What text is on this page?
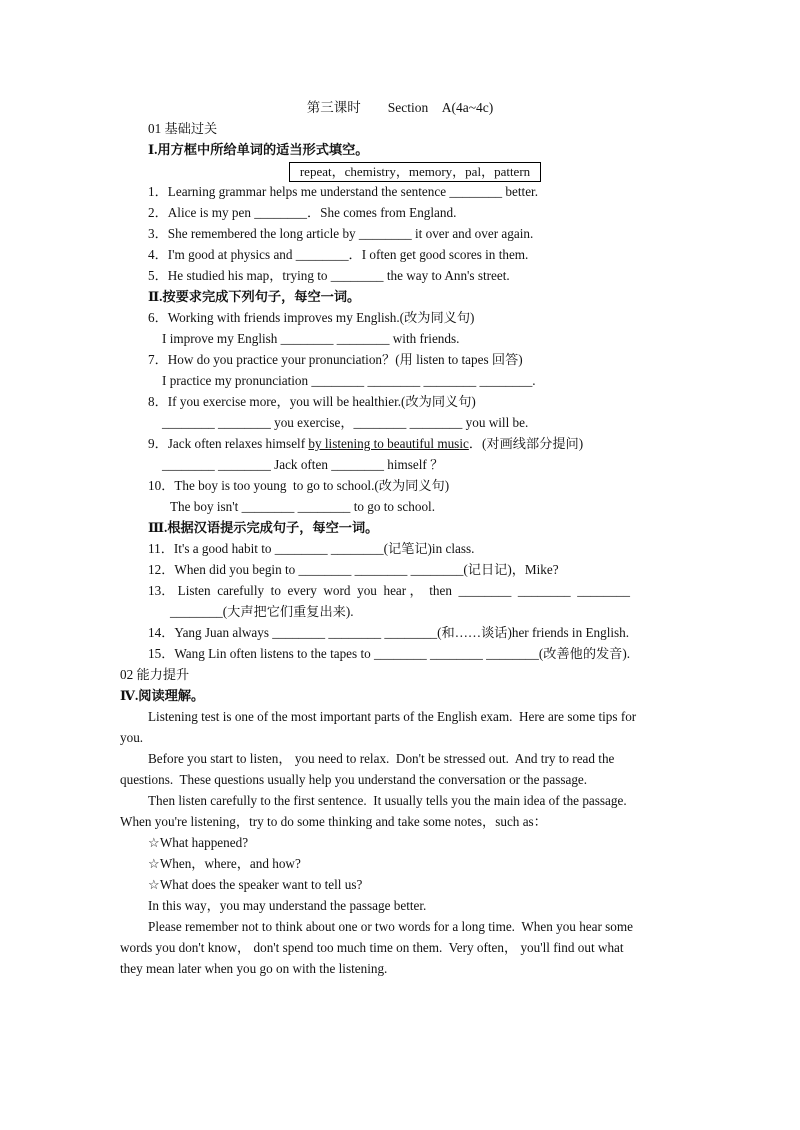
第三课时　　Section　A(4a~4c)
01 基础过关
Ⅰ.用方框中所给单词的适当形式填空。
repeat，chemistry，memory，pal，pattern
1．Learning grammar helps me understand the sentence ________ better.
2．Alice is my pen ________．She comes from England.
3．She remembered the long article by ________ it over and over again.
4．I'm good at physics and ________．I often get good scores in them.
5．He studied his map，trying to ________ the way to Ann's street.
Ⅱ.按要求完成下列句子，每空一词。
6．Working with friends improves my English.(改为同义句)
I improve my English ________ ________ with friends.
7．How do you practice your pronunciation？(用 listen to tapes 回答)
I practice my pronunciation ________ ________ ________ ________.
8．If you exercise more，you will be healthier.(改为同义句)
________ ________ you exercise，________ ________ you will be.
9．Jack often relaxes himself by listening to beautiful music．(对画线部分提问)
________ ________ Jack often ________ himself ？
10．The boy is too young  to go to school.(改为同义句)
The boy isn't ________ ________ to go to school.
Ⅲ.根据汉语提示完成句子，每空一词。
11．It's a good habit to ________ ________(记笔记)in class.
12．When did you begin to ________ ________ ________(记日记)，Mike?
13． Listen  carefully  to  every  word  you  hear ，  then  ________  ________  ________
________(大声把它们重复出来).
14．Yang Juan always ________ ________ ________(和……谈话)her friends in English.
15．Wang Lin often listens to the tapes to ________ ________ ________(改善他的发音).
02 能力提升
Ⅳ.阅读理解。
Listening test is one of the most important parts of the English exam.  Here are some tips for
you.
Before you start to listen， you need to relax.  Don't be stressed out.  And try to read the
questions.  These questions usually help you understand the conversation or the passage.
Then listen carefully to the first sentence.  It usually tells you the main idea of the passage.
When you're listening，try to do some thinking and take some notes，such as：
☆What happened?
☆When，where，and how?
☆What does the speaker want to tell us?
In this way，you may understand the passage better.
Please remember not to think about one or two words for a long time.  When you hear some
words you don't know， don't spend too much time on them.  Very often， you'll find out what
they mean later when you go on with the listening.
